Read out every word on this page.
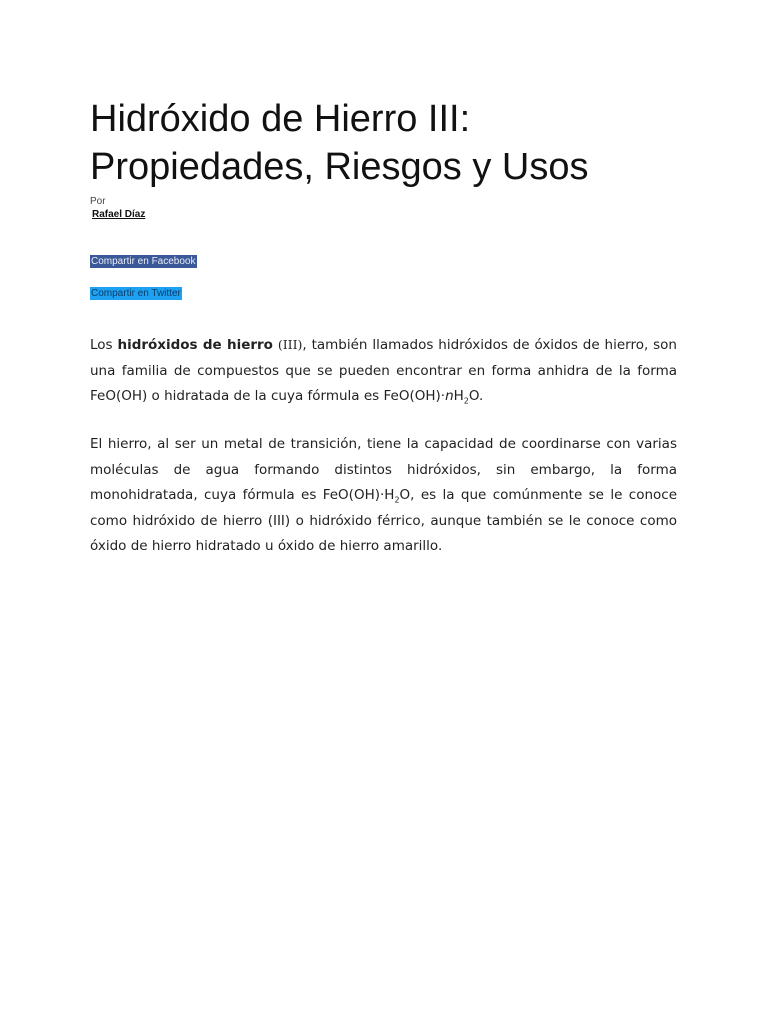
Hidróxido de Hierro III: Propiedades, Riesgos y Usos
Por
Rafael Díaz
Compartir en Facebook
Compartir en Twitter

Los hidróxidos de hierro (III), también llamados hidróxidos de óxidos de hierro, son una familia de compuestos que se pueden encontrar en forma anhidra de la forma FeO(OH) o hidratada de la cuya fórmula es $FeO(OH)\cdot nH_2O$.

El hierro, al ser un metal de transición, tiene la capacidad de coordinarse con varias moléculas de agua formando distintos hidróxidos, sin embargo, la forma monohidratada, cuya fórmula es $FeO(OH)\cdot H_2O$, es la que comúnmente se le conoce como hidróxido de hierro (III) o hidróxido férrico, aunque también se le conoce como óxido de hierro hidratado u óxido de hierro amarillo.
